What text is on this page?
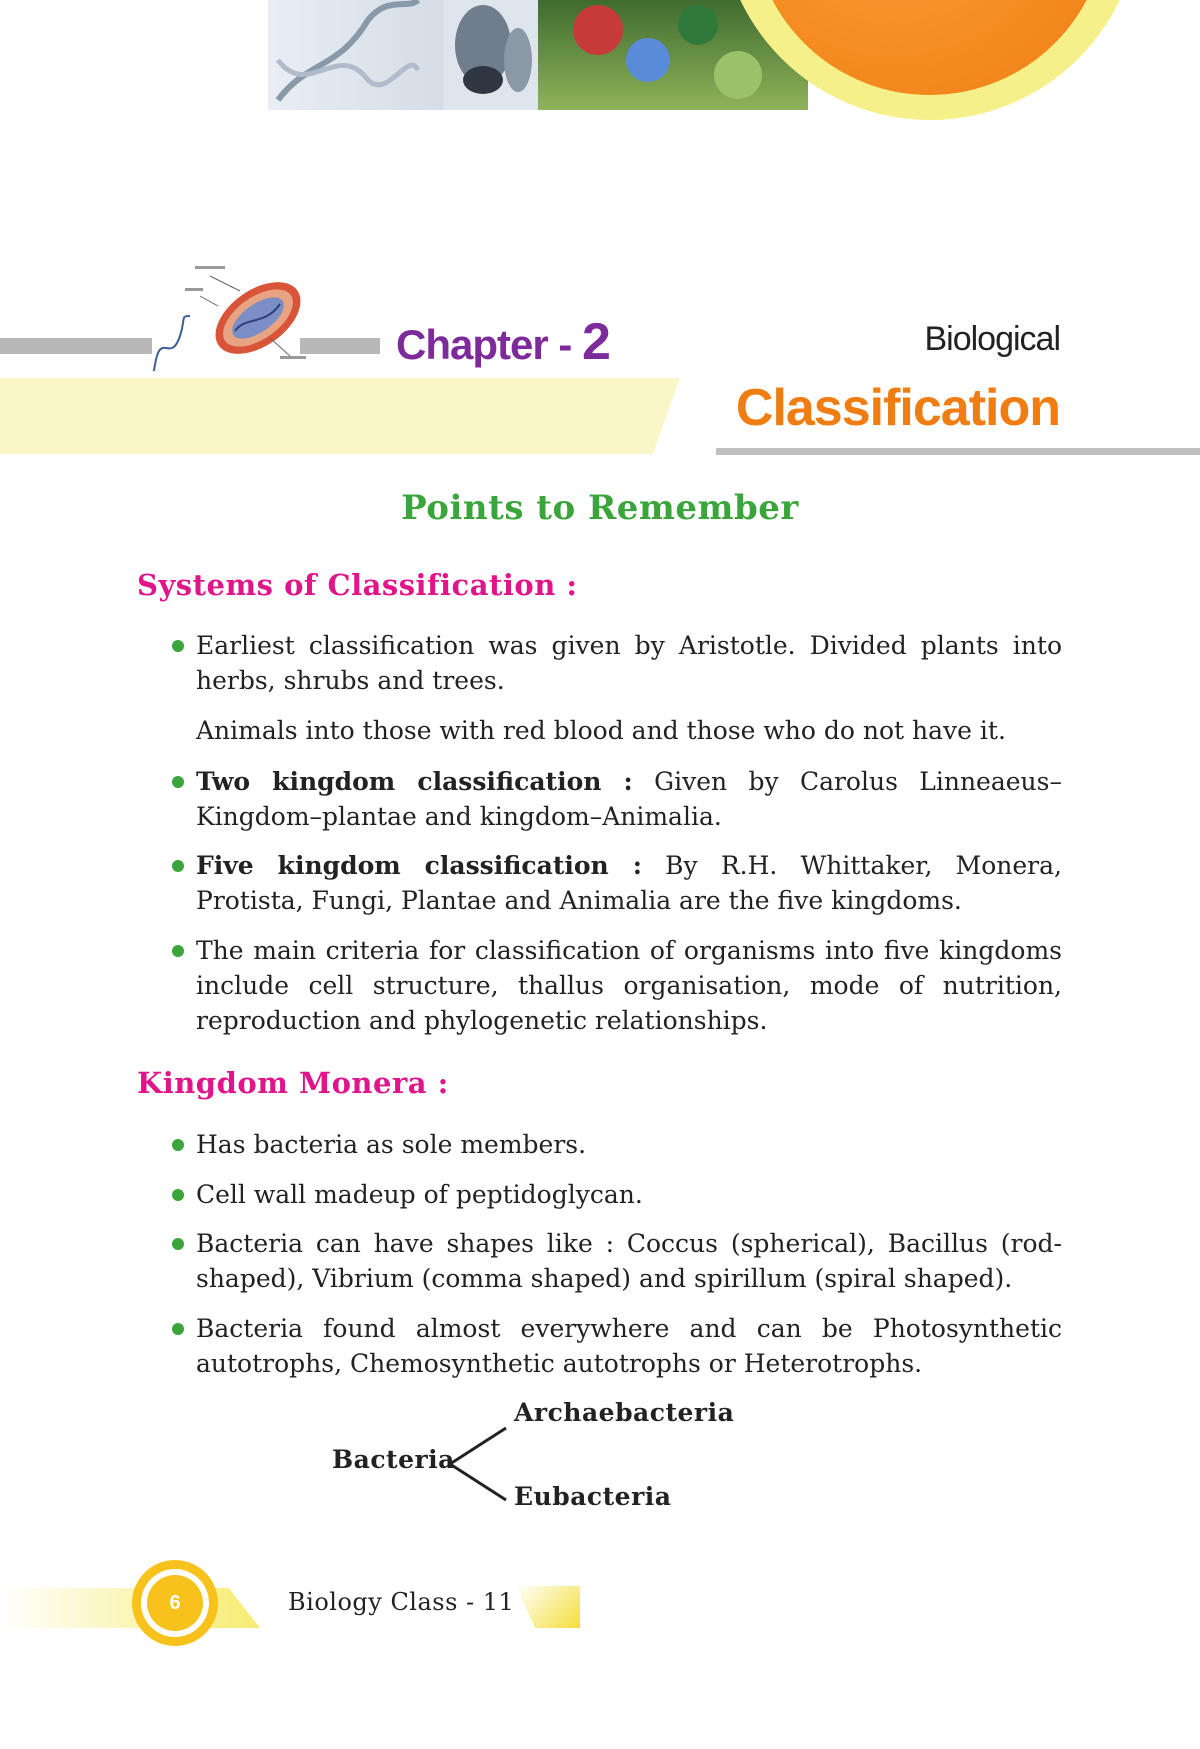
Chapter - 2	Biological
Classification
Points to Remember
Systems of Classification :
Earliest classification was given by Aristotle. Divided plants into herbs, shrubs and trees.
Animals into those with red blood and those who do not have it.
Two kingdom classification : Given by Carolus Linneaeus–Kingdom–plantae and kingdom–Animalia.
Five kingdom classification : By R.H. Whittaker, Monera, Protista, Fungi, Plantae and Animalia are the five kingdoms.
The main criteria for classification of organisms into five kingdoms include cell structure, thallus organisation, mode of nutrition, reproduction and phylogenetic relationships.
Kingdom Monera :
Has bacteria as sole members.
Cell wall madeup of peptidoglycan.
Bacteria can have shapes like : Coccus (spherical), Bacillus (rod-shaped), Vibrium (comma shaped) and spirillum (spiral shaped).
Bacteria found almost everywhere and can be Photosynthetic autotrophs, Chemosynthetic autotrophs or Heterotrophs.
Bacteria
Archaebacteria
Eubacteria
6	Biology Class - 11
